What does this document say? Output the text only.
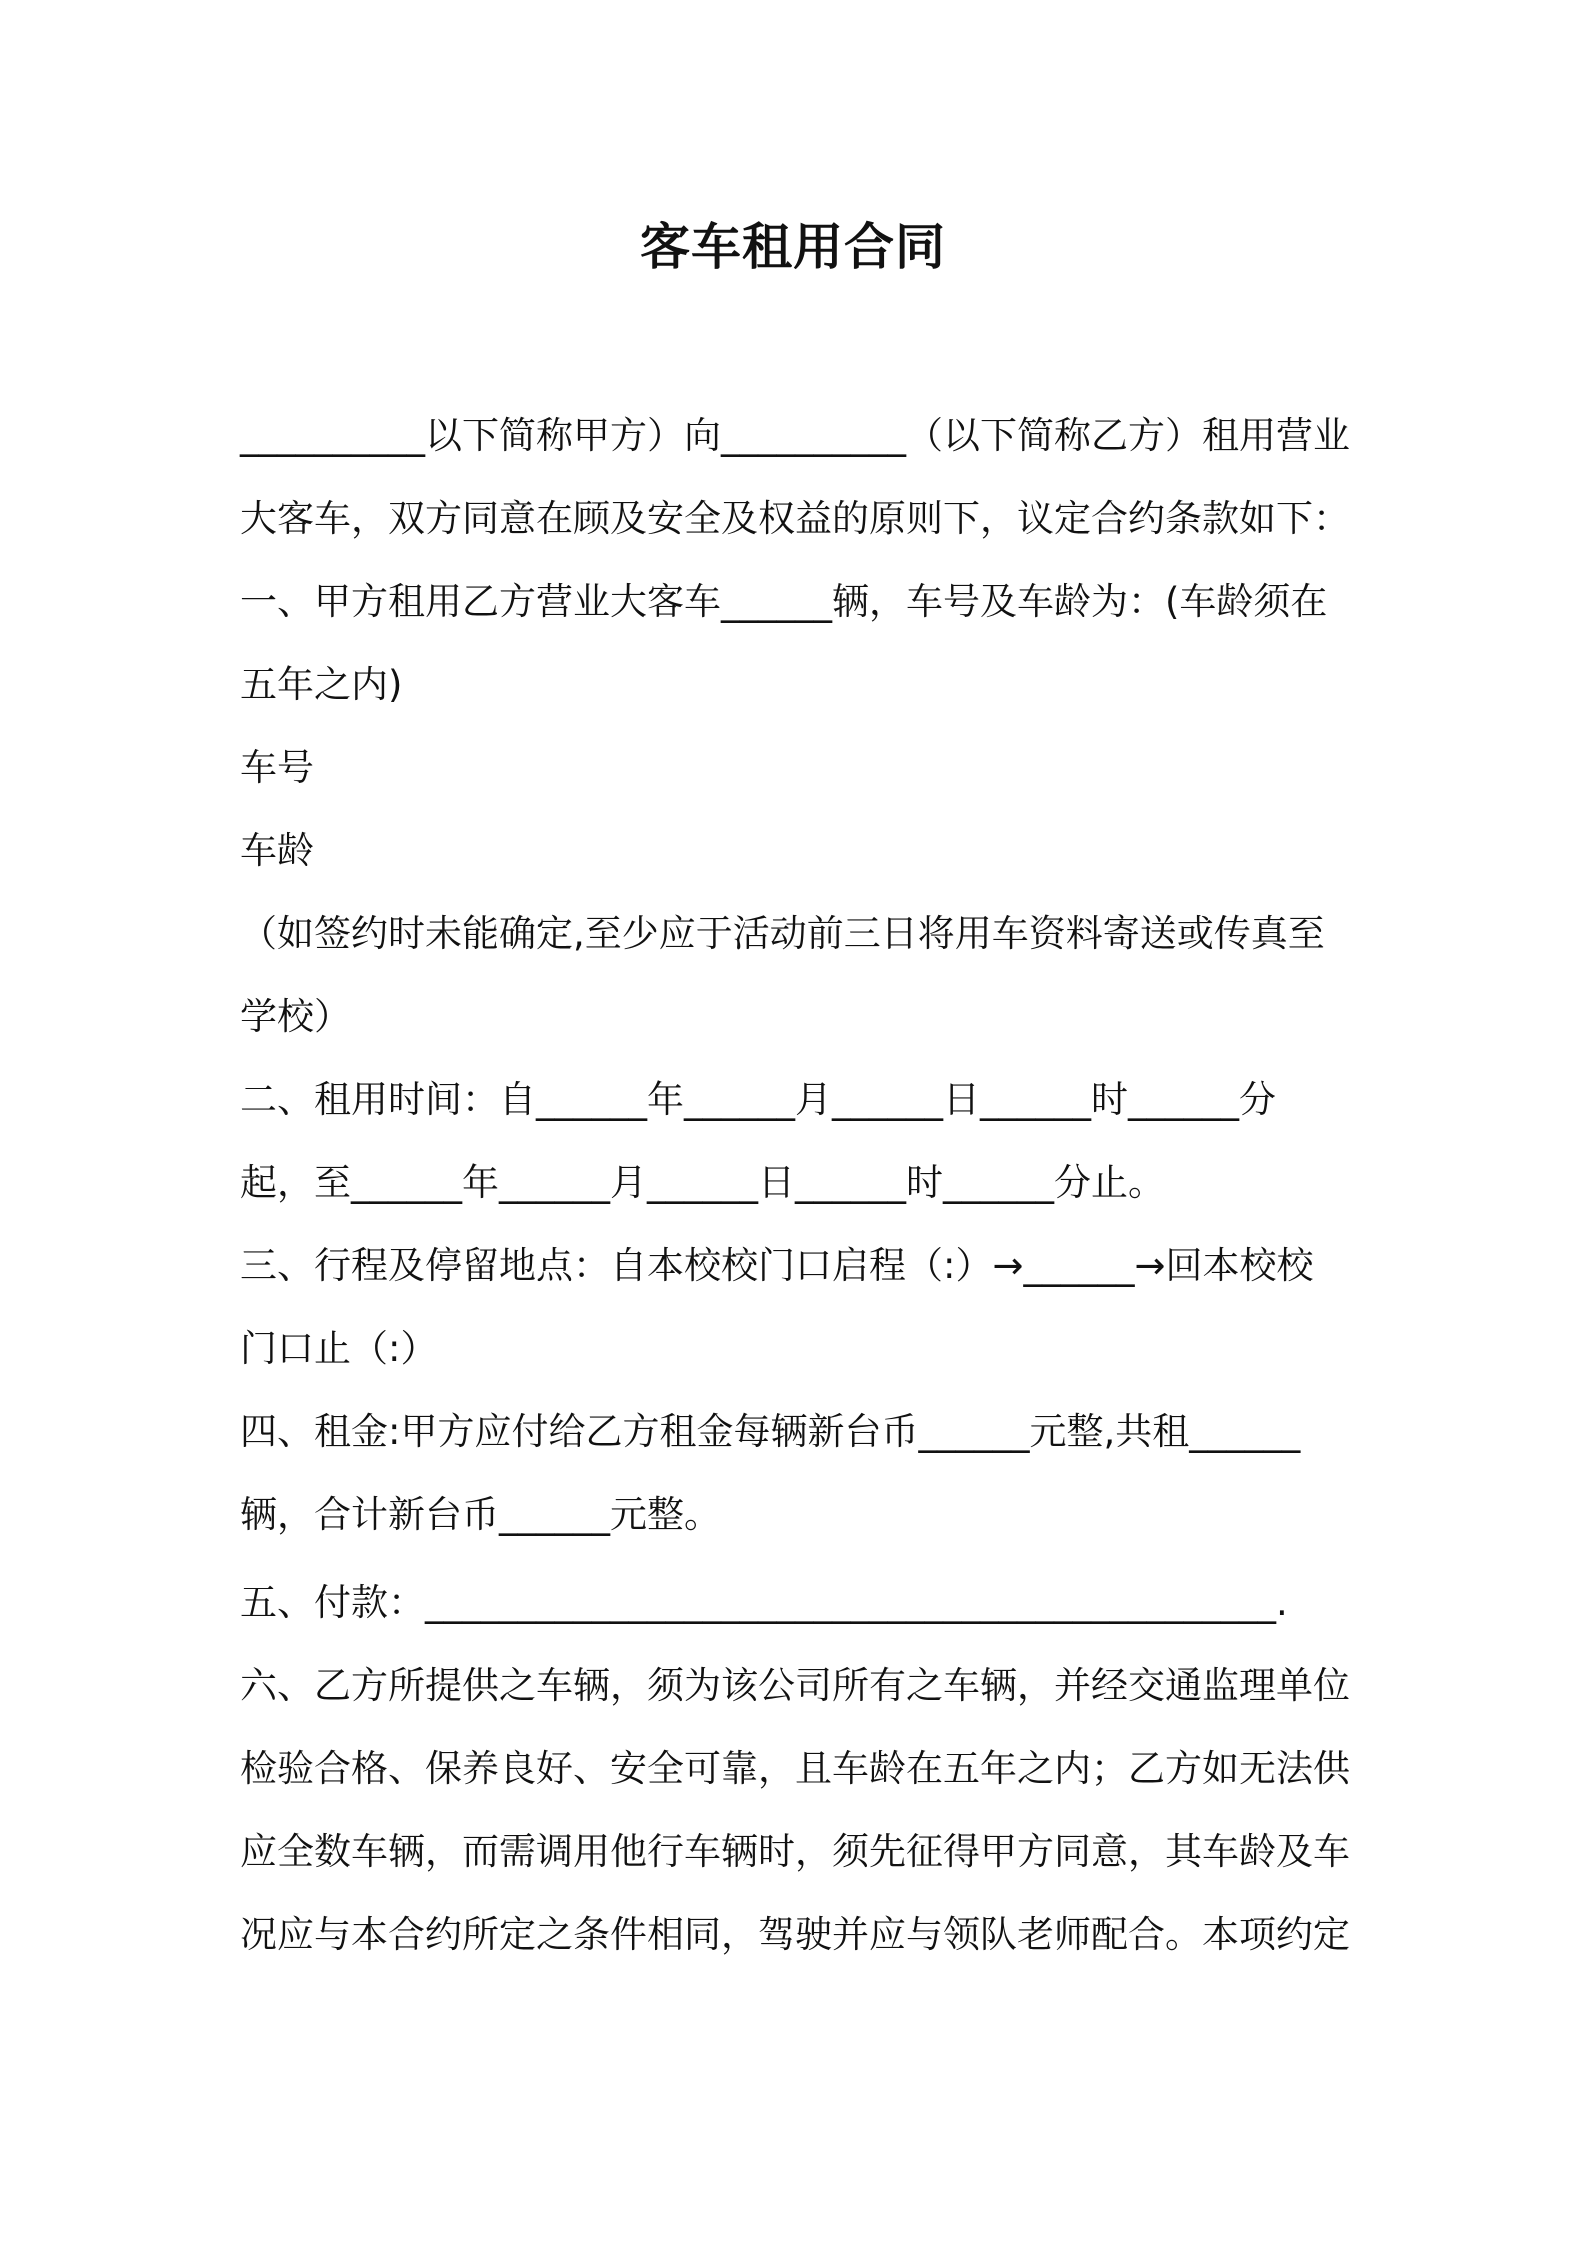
客车租用合同
__________以下简称甲方）向__________（以下简称乙方）租用营业
大客车，双方同意在顾及安全及权益的原则下，议定合约条款如下：
一、甲方租用乙方营业大客车______辆，车号及车龄为：(车龄须在
五年之内)
车号
车龄
（如签约时未能确定,至少应于活动前三日将用车资料寄送或传真至
学校）
二、租用时间：自______年______月______日______时______分
起，至______年______月______日______时______分止。
三、行程及停留地点：自本校校门口启程（:）→______→回本校校
门口止（:）
四、租金:甲方应付给乙方租金每辆新台币______元整,共租______
辆，合计新台币______元整。
五、付款：______________________________________________.
六、乙方所提供之车辆，须为该公司所有之车辆，并经交通监理单位
检验合格、保养良好、安全可靠，且车龄在五年之内；乙方如无法供
应全数车辆，而需调用他行车辆时，须先征得甲方同意，其车龄及车
况应与本合约所定之条件相同，驾驶并应与领队老师配合。本项约定
